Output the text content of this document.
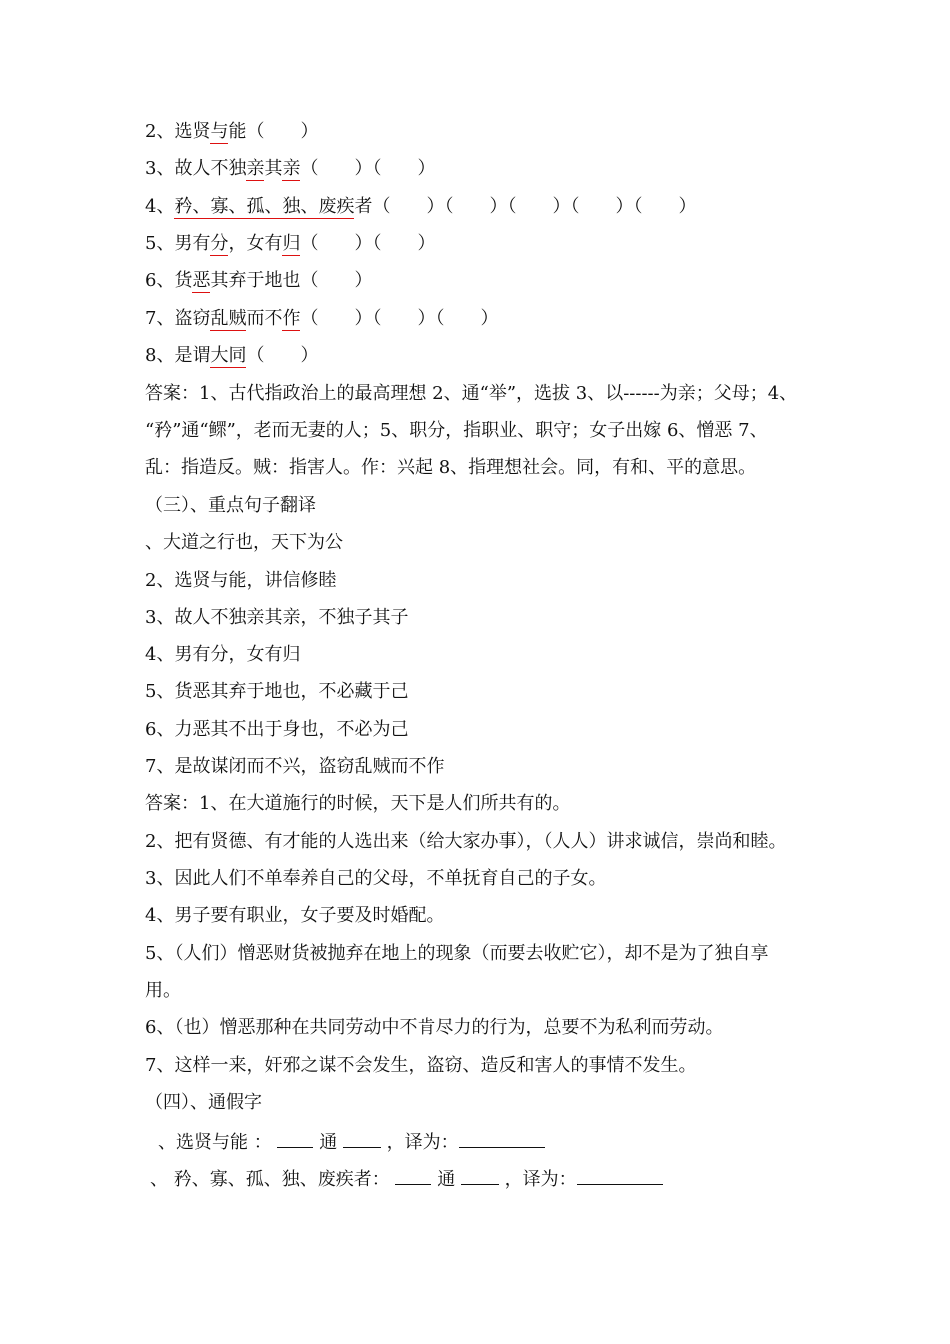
2、选贤与能（　　）
3、故人不独亲其亲（　　）（　　）
4、矜、寡、孤、独、废疾者（　　）（　　）（　　）（　　）（　　）
5、男有分，女有归（　　）（　　）
6、货恶其弃于地也（　　）
7、盗窃乱贼而不作（　　）（　　）（　　）
8、是谓大同（　　）
答案：1、古代指政治上的最高理想 2、通“举”，选拔 3、以------为亲；父母；4、
“矜”通“鳏”，老而无妻的人；5、职分，指职业、职守；女子出嫁 6、憎恶 7、
乱：指造反。贼：指害人。作：兴起 8、指理想社会。同，有和、平的意思。
（三）、重点句子翻译
、大道之行也，天下为公
2、选贤与能，讲信修睦
3、故人不独亲其亲，不独子其子
4、男有分，女有归
5、货恶其弃于地也，不必藏于己
6、力恶其不出于身也，不必为己
7、是故谋闭而不兴，盗窃乱贼而不作
答案：1、在大道施行的时候，天下是人们所共有的。
2、把有贤德、有才能的人选出来（给大家办事），（人人）讲求诚信，崇尚和睦。
3、因此人们不单奉养自己的父母，不单抚育自己的子女。
4、男子要有职业，女子要及时婚配。
5、（人们）憎恶财货被抛弃在地上的现象（而要去收贮它），却不是为了独自享
用。
6、（也）憎恶那种在共同劳动中不肯尽力的行为，总要不为私利而劳动。
7、这样一来，奸邪之谋不会发生，盗窃、造反和害人的事情不发生。
（四）、通假字
、选贤与能 ：	通	，译为：
、 矜、寡、孤、独、废疾者：	通	，译为：
